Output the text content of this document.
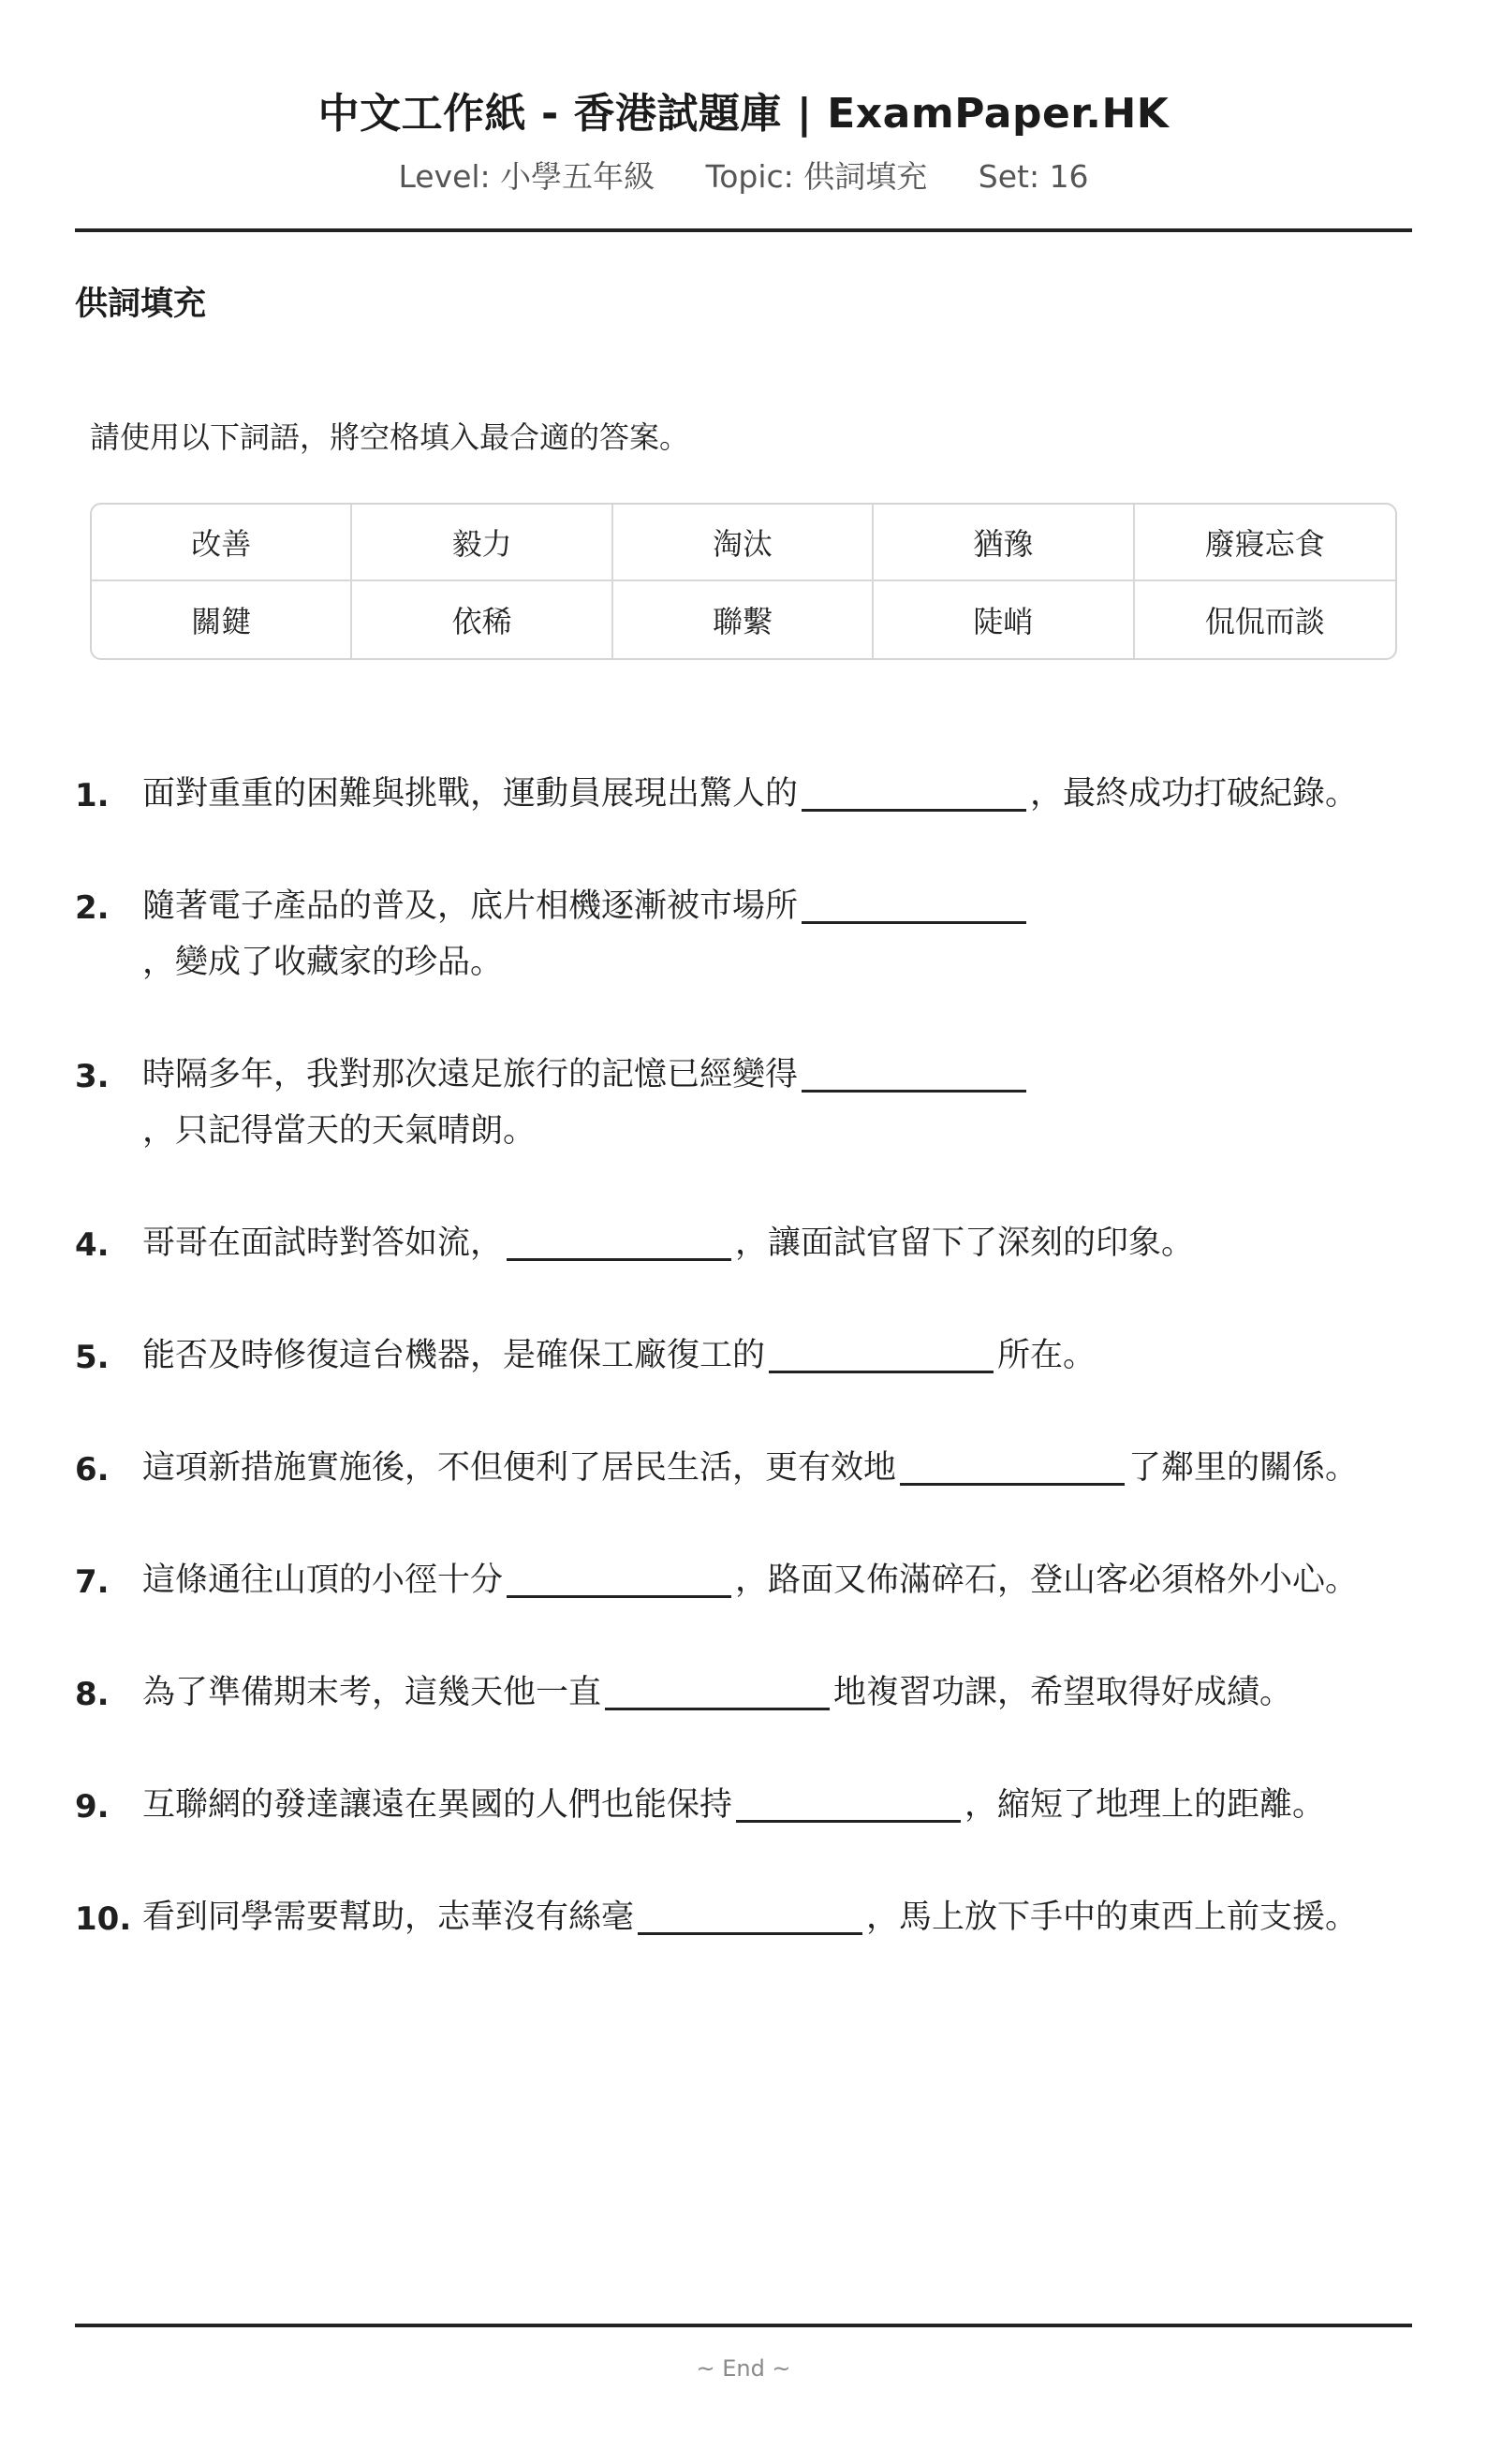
中文工作紙 - 香港試題庫 | ExamPaper.HK
Level: 小學五年級 Topic: 供詞填充 Set: 16
供詞填充
請使用以下詞語，將空格填入最合適的答案。
改善	毅力	淘汰	猶豫	廢寢忘食
關鍵	依稀	聯繫	陡峭	侃侃而談
1. 面對重重的困難與挑戰，運動員展現出驚人的	，最終成功打破紀錄。
2. 隨著電子產品的普及，底片相機逐漸被市場所
，變成了收藏家的珍品。
3. 時隔多年，我對那次遠足旅行的記憶已經變得
，只記得當天的天氣晴朗。
4. 哥哥在面試時對答如流，	，讓面試官留下了深刻的印象。
5. 能否及時修復這台機器，是確保工廠復工的	所在。
6. 這項新措施實施後，不但便利了居民生活，更有效地	了鄰里的關係。
7. 這條通往山頂的小徑十分	，路面又佈滿碎石，登山客必須格外小心。
8. 為了準備期末考，這幾天他一直	地複習功課，希望取得好成績。
9. 互聯網的發達讓遠在異國的人們也能保持	，縮短了地理上的距離。
10. 看到同學需要幫助，志華沒有絲毫	，馬上放下手中的東西上前支援。
~ End ~
